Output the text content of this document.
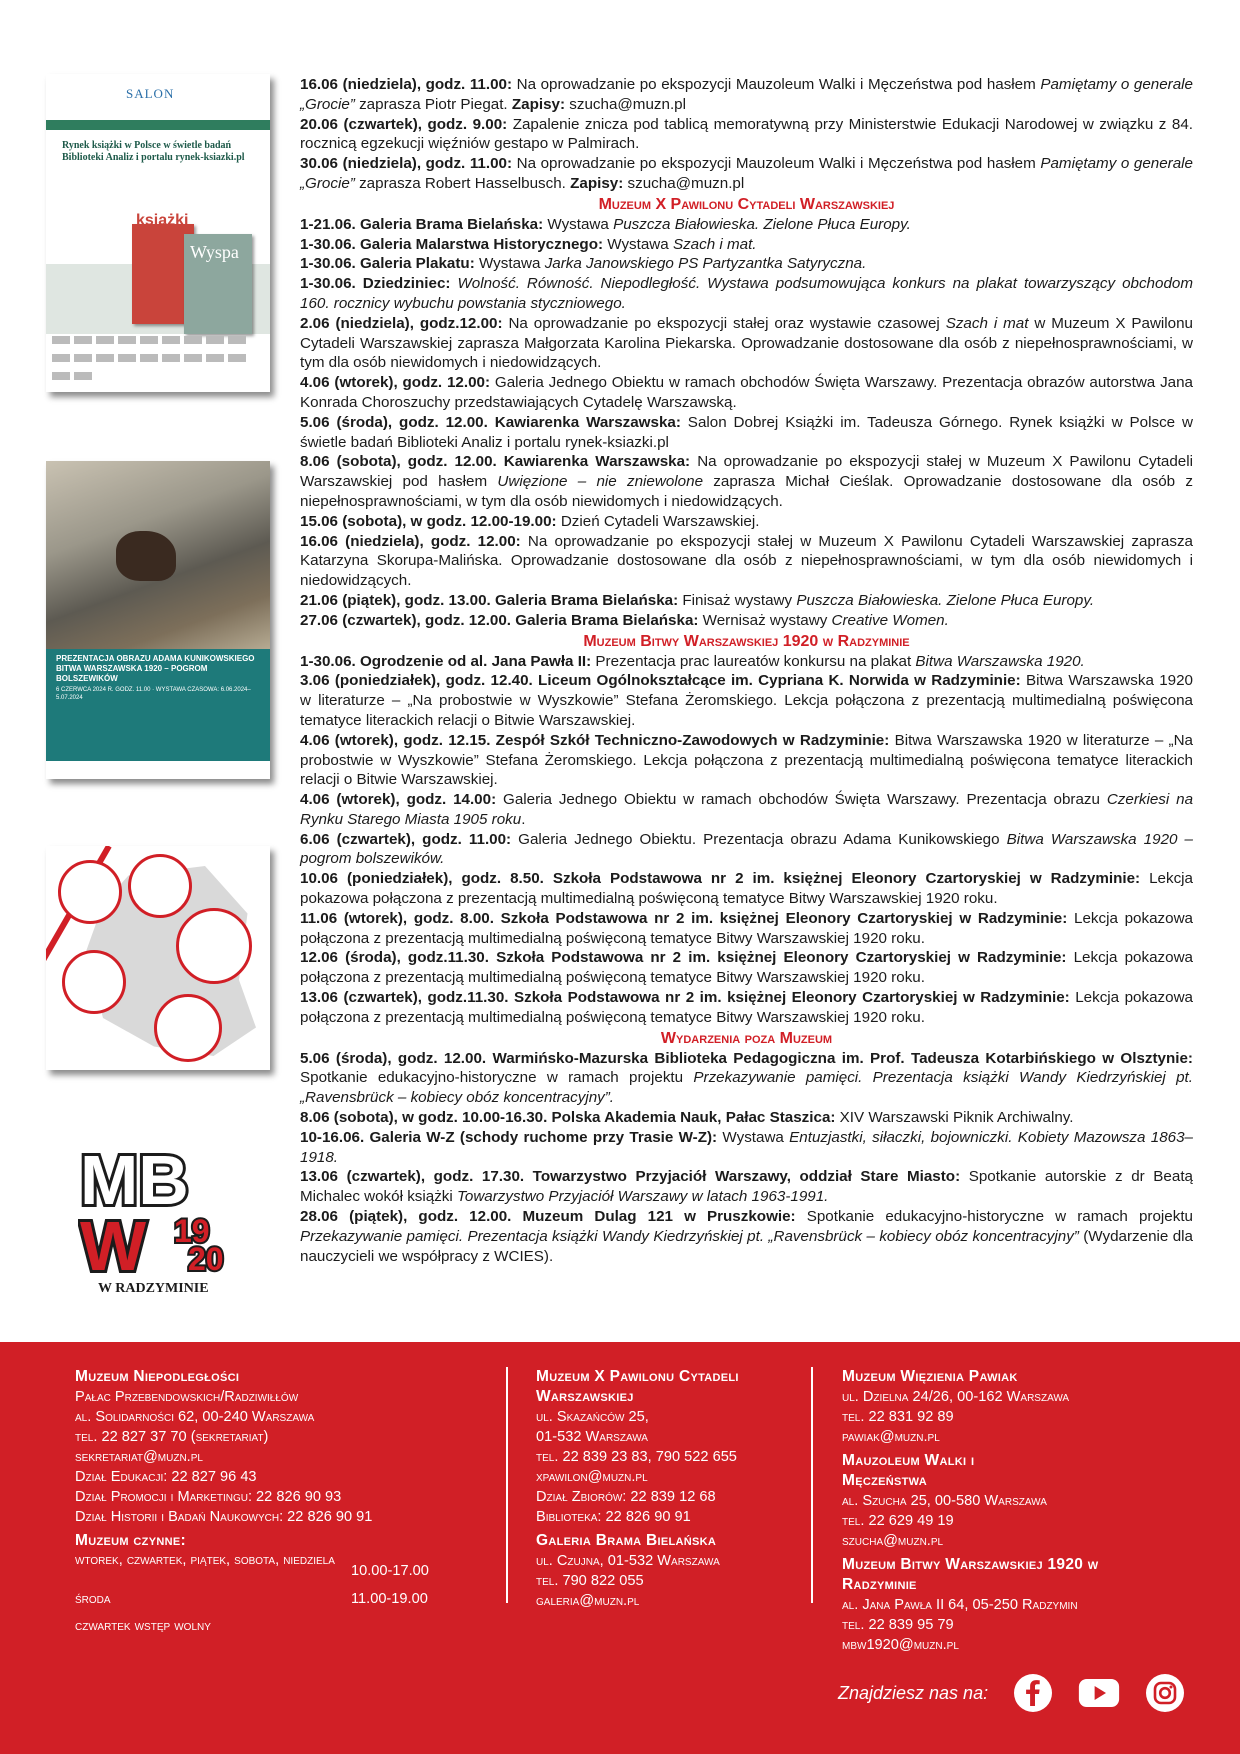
SALON
Rynek książki w Polsce w świetle badań Biblioteki Analiz i portalu rynek-ksiazki.pl
książki
Wyspa
PREZENTACJA OBRAZU ADAMA KUNIKOWSKIEGO BITWA WARSZAWSKA 1920 – POGROM BOLSZEWIKÓW
6 CZERWCA 2024 R. GODZ. 11.00 · WYSTAWA CZASOWA: 6.06.2024–5.07.2024
MB
W 19
20
W RADZYMINIE
16.06 (niedziela), godz. 11.00: Na oprowadzanie po ekspozycji Mauzoleum Walki i Męczeństwa pod hasłem Pamiętamy o generale „Grocie” zaprasza Piotr Piegat. Zapisy: szucha@muzn.pl
20.06 (czwartek), godz. 9.00: Zapalenie znicza pod tablicą memoratywną przy Ministerstwie Edukacji Narodowej w związku z 84. rocznicą egzekucji więźniów gestapo w Palmirach.
30.06 (niedziela), godz. 11.00: Na oprowadzanie po ekspozycji Mauzoleum Walki i Męczeństwa pod hasłem Pamiętamy o generale „Grocie” zaprasza Robert Hasselbusch. Zapisy: szucha@muzn.pl
Muzeum X Pawilonu Cytadeli Warszawskiej
1-21.06. Galeria Brama Bielańska: Wystawa Puszcza Białowieska. Zielone Płuca Europy.
1-30.06. Galeria Malarstwa Historycznego: Wystawa Szach i mat.
1-30.06. Galeria Plakatu: Wystawa Jarka Janowskiego PS Partyzantka Satyryczna.
1-30.06. Dziedziniec: Wolność. Równość. Niepodległość. Wystawa podsumowująca konkurs na plakat towarzyszący obchodom 160. rocznicy wybuchu powstania styczniowego.
2.06 (niedziela), godz.12.00: Na oprowadzanie po ekspozycji stałej oraz wystawie czasowej Szach i mat w Muzeum X Pawilonu Cytadeli Warszawskiej zaprasza Małgorzata Karolina Piekarska. Oprowadzanie dostosowane dla osób z niepełnosprawnościami, w tym dla osób niewidomych i niedowidzących.
4.06 (wtorek), godz. 12.00: Galeria Jednego Obiektu w ramach obchodów Święta Warszawy. Prezentacja obrazów autorstwa Jana Konrada Choroszuchy przedstawiających Cytadelę Warszawską.
5.06 (środa), godz. 12.00. Kawiarenka Warszawska: Salon Dobrej Książki im. Tadeusza Górnego. Rynek książki w Polsce w świetle badań Biblioteki Analiz i portalu rynek-ksiazki.pl
8.06 (sobota), godz. 12.00. Kawiarenka Warszawska: Na oprowadzanie po ekspozycji stałej w Muzeum X Pawilonu Cytadeli Warszawskiej pod hasłem Uwięzione – nie zniewolone zaprasza Michał Cieślak. Oprowadzanie dostosowane dla osób z niepełnosprawnościami, w tym dla osób niewidomych i niedowidzących.
15.06 (sobota), w godz. 12.00-19.00: Dzień Cytadeli Warszawskiej.
16.06 (niedziela), godz. 12.00: Na oprowadzanie po ekspozycji stałej w Muzeum X Pawilonu Cytadeli Warszawskiej zaprasza Katarzyna Skorupa-Malińska. Oprowadzanie dostosowane dla osób z niepełnosprawnościami, w tym dla osób niewidomych i niedowidzących.
21.06 (piątek), godz. 13.00. Galeria Brama Bielańska: Finisaż wystawy Puszcza Białowieska. Zielone Płuca Europy.
27.06 (czwartek), godz. 12.00. Galeria Brama Bielańska: Wernisaż wystawy Creative Women.
Muzeum Bitwy Warszawskiej 1920 w Radzyminie
1-30.06. Ogrodzenie od al. Jana Pawła II: Prezentacja prac laureatów konkursu na plakat Bitwa Warszawska 1920.
3.06 (poniedziałek), godz. 12.40. Liceum Ogólnokształcące im. Cypriana K. Norwida w Radzyminie: Bitwa Warszawska 1920 w literaturze – „Na probostwie w Wyszkowie” Stefana Żeromskiego. Lekcja połączona z prezentacją multimedialną poświęcona tematyce literackich relacji o Bitwie Warszawskiej.
4.06 (wtorek), godz. 12.15. Zespół Szkół Techniczno-Zawodowych w Radzyminie: Bitwa Warszawska 1920 w literaturze – „Na probostwie w Wyszkowie” Stefana Żeromskiego. Lekcja połączona z prezentacją multimedialną poświęcona tematyce literackich relacji o Bitwie Warszawskiej.
4.06 (wtorek), godz. 14.00: Galeria Jednego Obiektu w ramach obchodów Święta Warszawy. Prezentacja obrazu Czerkiesi na Rynku Starego Miasta 1905 roku.
6.06 (czwartek), godz. 11.00: Galeria Jednego Obiektu. Prezentacja obrazu Adama Kunikowskiego Bitwa Warszawska 1920 – pogrom bolszewików.
10.06 (poniedziałek), godz. 8.50. Szkoła Podstawowa nr 2 im. księżnej Eleonory Czartoryskiej w Radzyminie: Lekcja pokazowa połączona z prezentacją multimedialną poświęconą tematyce Bitwy Warszawskiej 1920 roku.
11.06 (wtorek), godz. 8.00. Szkoła Podstawowa nr 2 im. księżnej Eleonory Czartoryskiej w Radzyminie: Lekcja pokazowa połączona z prezentacją multimedialną poświęconą tematyce Bitwy Warszawskiej 1920 roku.
12.06 (środa), godz.11.30. Szkoła Podstawowa nr 2 im. księżnej Eleonory Czartoryskiej w Radzyminie: Lekcja pokazowa połączona z prezentacją multimedialną poświęconą tematyce Bitwy Warszawskiej 1920 roku.
13.06 (czwartek), godz.11.30. Szkoła Podstawowa nr 2 im. księżnej Eleonory Czartoryskiej w Radzyminie: Lekcja pokazowa połączona z prezentacją multimedialną poświęconą tematyce Bitwy Warszawskiej 1920 roku.
Wydarzenia poza Muzeum
5.06 (środa), godz. 12.00. Warmińsko-Mazurska Biblioteka Pedagogiczna im. Prof. Tadeusza Kotarbińskiego w Olsztynie: Spotkanie edukacyjno-historyczne w ramach projektu Przekazywanie pamięci. Prezentacja książki Wandy Kiedrzyńskiej pt. „Ravensbrück – kobiecy obóz koncentracyjny”.
8.06 (sobota), w godz. 10.00-16.30. Polska Akademia Nauk, Pałac Staszica: XIV Warszawski Piknik Archiwalny.
10-16.06. Galeria W-Z (schody ruchome przy Trasie W-Z): Wystawa Entuzjastki, siłaczki, bojowniczki. Kobiety Mazowsza 1863–1918.
13.06 (czwartek), godz. 17.30. Towarzystwo Przyjaciół Warszawy, oddział Stare Miasto: Spotkanie autorskie z dr Beatą Michalec wokół książki Towarzystwo Przyjaciół Warszawy w latach 1963-1991.
28.06 (piątek), godz. 12.00. Muzeum Dulag 121 w Pruszkowie: Spotkanie edukacyjno-historyczne w ramach projektu Przekazywanie pamięci. Prezentacja książki Wandy Kiedrzyńskiej pt. „Ravensbrück – kobiecy obóz koncentracyjny” (Wydarzenie dla nauczycieli we współpracy z WCIES).
Muzeum Niepodległości
Pałac Przebendowskich/Radziwiłłów
al. Solidarności 62, 00-240 Warszawa
tel. 22 827 37 70 (sekretariat)
sekretariat@muzn.pl
Dział Edukacji: 22 827 96 43
Dział Promocji i Marketingu: 22 826 90 93
Dział Historii i Badań Naukowych: 22 826 90 91
Muzeum czynne:
wtorek, czwartek, piątek, sobota, niedziela
10.00-17.00
środa	11.00-19.00
czwartek wstęp wolny
Muzeum X Pawilonu Cytadeli Warszawskiej
ul. Skazańców 25,
01-532 Warszawa
tel. 22 839 23 83, 790 522 655
xpawilon@muzn.pl
Dział Zbiorów: 22 839 12 68
Biblioteka: 22 826 90 91
Galeria Brama Bielańska
ul. Czujna, 01-532 Warszawa
tel. 790 822 055
galeria@muzn.pl
Muzeum Więzienia Pawiak
ul. Dzielna 24/26, 00-162 Warszawa
tel. 22 831 92 89
pawiak@muzn.pl
Mauzoleum Walki i Męczeństwa
al. Szucha 25, 00-580 Warszawa
tel. 22 629 49 19
szucha@muzn.pl
Muzeum Bitwy Warszawskiej 1920 w Radzyminie
al. Jana Pawła II 64, 05-250 Radzymin
tel. 22 839 95 79
mbw1920@muzn.pl
Znajdziesz nas na:
